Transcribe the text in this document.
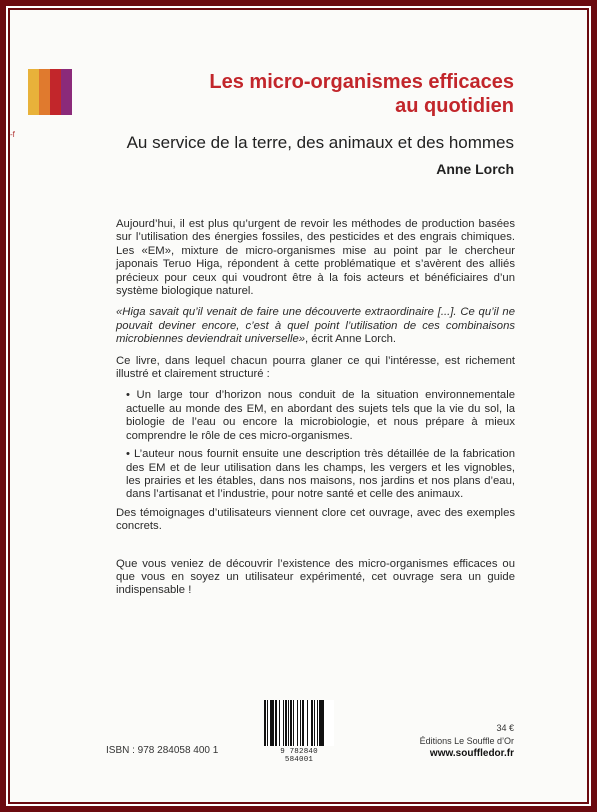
-f
Les micro-organismes efficaces
au quotidien
Au service de la terre, des animaux et des hommes
Anne Lorch

Aujourd’hui, il est plus qu’urgent de revoir les méthodes de production basées sur l’utilisation des énergies fossiles, des pesticides et des engrais chimiques. Les «EM», mixture de micro-organismes mise au point par le chercheur japonais Teruo Higa, répondent à cette problématique et s’avèrent des alliés précieux pour ceux qui voudront être à la fois acteurs et bénéficiaires d’un système biologique naturel.

«Higa savait qu’il venait de faire une découverte extraordinaire [...]. Ce qu’il ne pouvait deviner encore, c’est à quel point l’utilisation de ces combinaisons microbiennes deviendrait universelle», écrit Anne Lorch.

Ce livre, dans lequel chacun pourra glaner ce qui l’intéresse, est richement illustré et clairement structuré :

• Un large tour d’horizon nous conduit de la situation environnementale actuelle au monde des EM, en abordant des sujets tels que la vie du sol, la biologie de l’eau ou encore la microbiologie, et nous prépare à mieux comprendre le rôle de ces micro-organismes.

• L’auteur nous fournit ensuite une description très détaillée de la fabrication des EM et de leur utilisation dans les champs, les vergers et les vignobles, les prairies et les étables, dans nos maisons, nos jardins et nos plans d’eau, dans l’artisanat et l’industrie, pour notre santé et celle des animaux.

Des témoignages d’utilisateurs viennent clore cet ouvrage, avec des exemples concrets.

Que vous veniez de découvrir l’existence des micro-organismes efficaces ou que vous en soyez un utilisateur expérimenté, cet ouvrage sera un guide indispensable !

9 782840 584001
ISBN : 978 284058 400 1
34 €
Éditions Le Souffle d’Or
www.souffledor.fr
